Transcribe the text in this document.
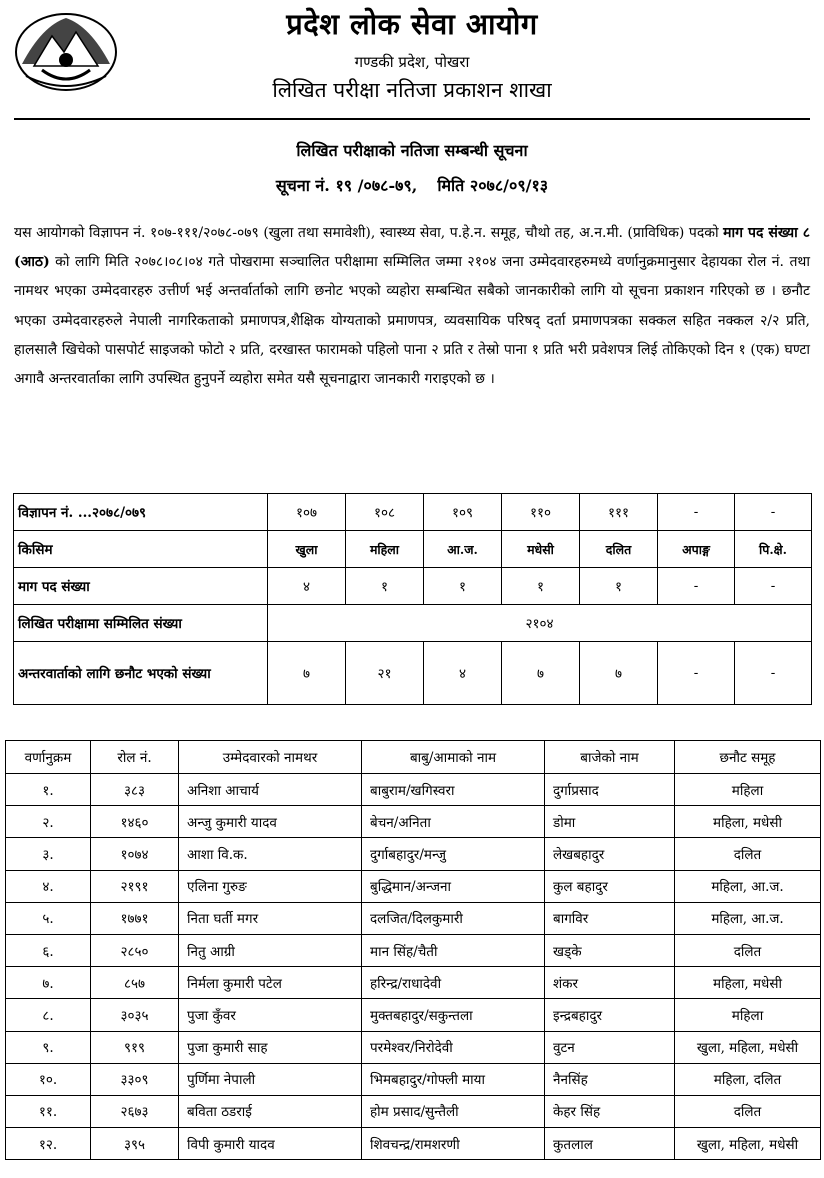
प्रदेश लोक सेवा आयोग
गण्डकी प्रदेश, पोखरा
लिखित परीक्षा नतिजा प्रकाशन शाखा
लिखित परीक्षाको नतिजा सम्बन्धी सूचना
सूचना नं. १९ /०७८-७९, मिति २०७८/०९/१३
यस आयोगको विज्ञापन नं. १०७-१११/२०७८-०७९ (खुला तथा समावेशी), स्वास्थ्य सेवा, प.हे.न. समूह, चौथो तह, अ.न.मी. (प्राविधिक) पदको माग पद संख्या ८ (आठ) को लागि मिति २०७८।०८।०४ गते पोखरामा सञ्चालित परीक्षामा सम्मिलित जम्मा २१०४ जना उम्मेदवारहरुमध्ये वर्णानुक्रमानुसार देहायका रोल नं. तथा नामथर भएका उम्मेदवारहरु उत्तीर्ण भई अन्तर्वार्ताको लागि छनोट भएको व्यहोरा सम्बन्धित सबैको जानकारीको लागि यो सूचना प्रकाशन गरिएको छ । छनौट भएका उम्मेदवारहरुले नेपाली नागरिकताको प्रमाणपत्र,शैक्षिक योग्यताको प्रमाणपत्र, व्यवसायिक परिषद् दर्ता प्रमाणपत्रका सक्कल सहित नक्कल २/२ प्रति, हालसालै खिचेको पासपोर्ट साइजको फोटो २ प्रति, दरखास्त फारामको पहिलो पाना २ प्रति र तेस्रो पाना १ प्रति भरी प्रवेशपत्र लिई तोकिएको दिन १ (एक) घण्टा अगावै अन्तरवार्ताका लागि उपस्थित हुनुपर्ने व्यहोरा समेत यसै सूचनाद्वारा जानकारी गराइएको छ ।
विज्ञापन नं. ...२०७८/०७९	१०७	१०८	१०९	११०	१११	-	-
किसिम	खुला	महिला	आ.ज.	मधेसी	दलित	अपाङ्ग	पि.क्षे.
माग पद संख्या	४	१	१	१	१	-	-
लिखित परीक्षामा सम्मिलित संख्या	२१०४						
अन्तरवार्ताको लागि छनौट भएको संख्या	७	२१	४	७	७	-	-
वर्णानुक्रम	रोल नं.	उम्मेदवारको नामथर	बाबु/आमाको नाम	बाजेको नाम	छनौट समूह
१.	३८३	अनिशा आचार्य	बाबुराम/खगिस्वरा	दुर्गाप्रसाद	महिला
२.	१४६०	अन्जु कुमारी यादव	बेचन/अनिता	डोमा	महिला, मधेसी
३.	१०७४	आशा वि.क.	दुर्गाबहादुर/मन्जु	लेखबहादुर	दलित
४.	२१९१	एलिना गुरुङ	बुद्धिमान/अन्जना	कुल बहादुर	महिला, आ.ज.
५.	१७७१	निता घर्ती मगर	दलजित/दिलकुमारी	बागविर	महिला, आ.ज.
६.	२८५०	नितु आग्री	मान सिंह/चैती	खड्के	दलित
७.	८५७	निर्मला कुमारी पटेल	हरिन्द्र/राधादेवी	शंकर	महिला, मधेसी
८.	३०३५	पुजा कुँवर	मुक्तबहादुर/सकुन्तला	इन्द्रबहादुर	महिला
९.	९१९	पुजा कुमारी साह	परमेश्वर/निरोदेवी	वुटन	खुला, महिला, मधेसी
१०.	३३०९	पुर्णिमा नेपाली	भिमबहादुर/गोफ्ली माया	नैनसिंह	महिला, दलित
११.	२६७३	बविता ठडराई	होम प्रसाद/सुन्तैली	केहर सिंह	दलित
१२.	३९५	विपी कुमारी यादव	शिवचन्द्र/रामशरणी	कुतलाल	खुला, महिला, मधेसी
